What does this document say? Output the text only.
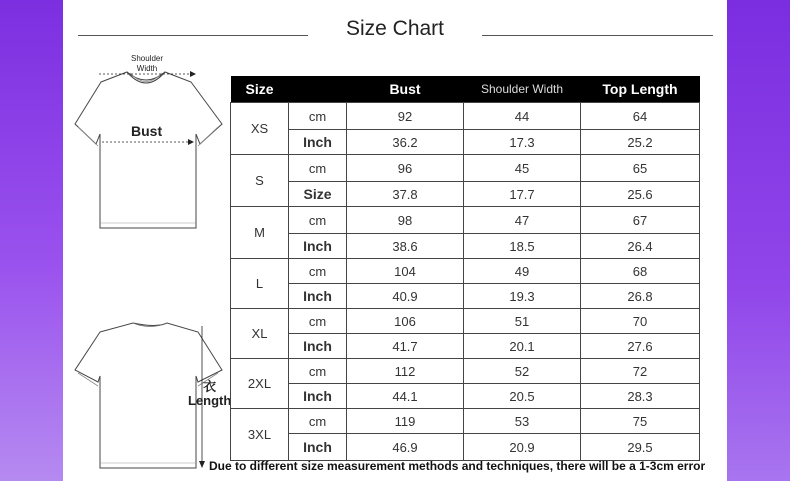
Size Chart
Shoulder Width
Bust
衣
Length
Size		Bust	Shoulder Width	Top Length
XS	cm	92	44	64
	Inch	36.2	17.3	25.2
S	cm	96	45	65
	Size	37.8	17.7	25.6
M	cm	98	47	67
	Inch	38.6	18.5	26.4
L	cm	104	49	68
	Inch	40.9	19.3	26.8
XL	cm	106	51	70
	Inch	41.7	20.1	27.6
2XL	cm	112	52	72
	Inch	44.1	20.5	28.3
3XL	cm	119	53	75
	Inch	46.9	20.9	29.5
Due to different size measurement methods and techniques, there will be a 1-3cm error
